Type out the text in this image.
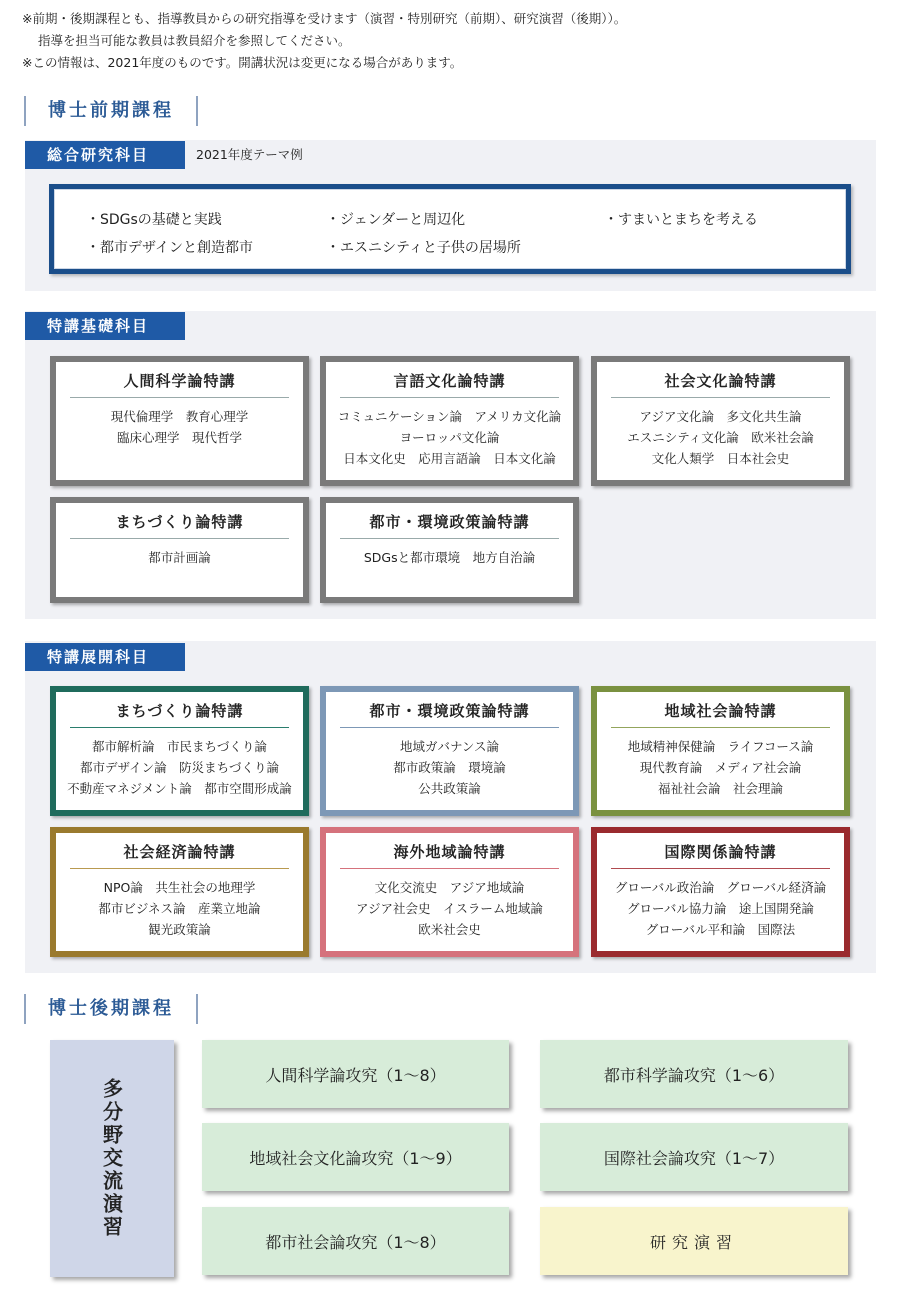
※前期・後期課程とも、指導教員からの研究指導を受けます（演習・特別研究（前期）、研究演習（後期））。
指導を担当可能な教員は教員紹介を参照してください。
※この情報は、2021年度のものです。開講状況は変更になる場合があります。
博士前期課程
総合研究科目	2021年度テーマ例
・SDGsの基礎と実践	・ジェンダーと周辺化	・すまいとまちを考える
・都市デザインと創造都市	・エスニシティと子供の居場所
特講基礎科目
人間科学論特講
現代倫理学　教育心理学
臨床心理学　現代哲学
言語文化論特講
コミュニケーション論　アメリカ文化論
ヨーロッパ文化論
日本文化史　応用言語論　日本文化論
社会文化論特講
アジア文化論　多文化共生論
エスニシティ文化論　欧米社会論
文化人類学　日本社会史
まちづくり論特講
都市計画論
都市・環境政策論特講
SDGsと都市環境　地方自治論
特講展開科目
まちづくり論特講
都市解析論　市民まちづくり論
都市デザイン論　防災まちづくり論
不動産マネジメント論　都市空間形成論
都市・環境政策論特講
地域ガバナンス論
都市政策論　環境論
公共政策論
地域社会論特講
地域精神保健論　ライフコース論
現代教育論　メディア社会論
福祉社会論　社会理論
社会経済論特講
NPO論　共生社会の地理学
都市ビジネス論　産業立地論
観光政策論
海外地域論特講
文化交流史　アジア地域論
アジア社会史　イスラーム地域論
欧米社会史
国際関係論特講
グローバル政治論　グローバル経済論
グローバル協力論　途上国開発論
グローバル平和論　国際法
博士後期課程
多分野交流演習
人間科学論攻究（1～8）	都市科学論攻究（1～6）
地域社会文化論攻究（1～9）	国際社会論攻究（1～7）
都市社会論攻究（1～8）	研究演習
